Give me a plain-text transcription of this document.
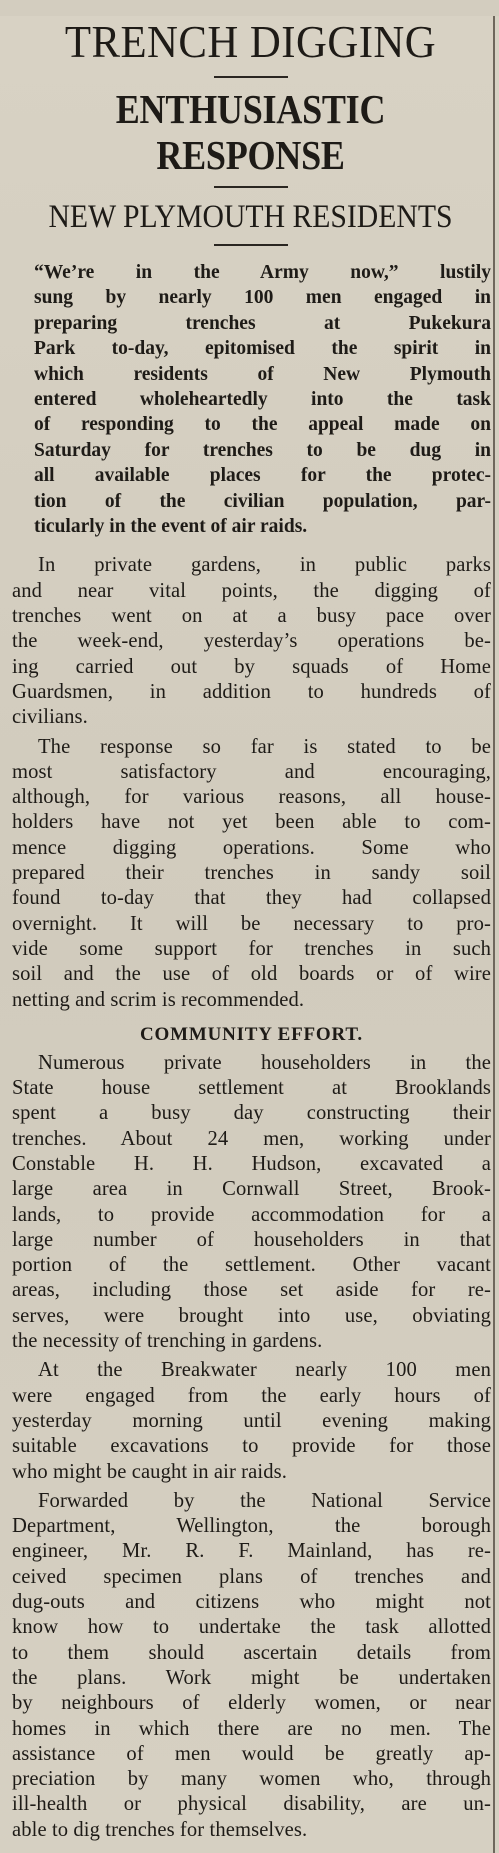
TRENCH DIGGING
ENTHUSIASTIC RESPONSE
NEW PLYMOUTH RESIDENTS
“We’re in the Army now,” lustily
sung by nearly 100 men engaged in
preparing trenches at Pukekura
Park to-day, epitomised the spirit in
which residents of New Plymouth
entered wholeheartedly into the task
of responding to the appeal made on
Saturday for trenches to be dug in
all available places for the protec-
tion of the civilian population, par-
ticularly in the event of air raids.
In private gardens, in public parks
and near vital points, the digging of
trenches went on at a busy pace over
the week-end, yesterday’s operations be-
ing carried out by squads of Home
Guardsmen, in addition to hundreds of
civilians.
The response so far is stated to be
most satisfactory and encouraging,
although, for various reasons, all house-
holders have not yet been able to com-
mence digging operations. Some who
prepared their trenches in sandy soil
found to-day that they had collapsed
overnight. It will be necessary to pro-
vide some support for trenches in such
soil and the use of old boards or of wire
netting and scrim is recommended.
COMMUNITY EFFORT.
Numerous private householders in the
State house settlement at Brooklands
spent a busy day constructing their
trenches. About 24 men, working under
Constable H. H. Hudson, excavated a
large area in Cornwall Street, Brook-
lands, to provide accommodation for a
large number of householders in that
portion of the settlement. Other vacant
areas, including those set aside for re-
serves, were brought into use, obviating
the necessity of trenching in gardens.
At the Breakwater nearly 100 men
were engaged from the early hours of
yesterday morning until evening making
suitable excavations to provide for those
who might be caught in air raids.
Forwarded by the National Service
Department, Wellington, the borough
engineer, Mr. R. F. Mainland, has re-
ceived specimen plans of trenches and
dug-outs and citizens who might not
know how to undertake the task allotted
to them should ascertain details from
the plans. Work might be undertaken
by neighbours of elderly women, or near
homes in which there are no men. The
assistance of men would be greatly ap-
preciation by many women who, through
ill-health or physical disability, are un-
able to dig trenches for themselves.
